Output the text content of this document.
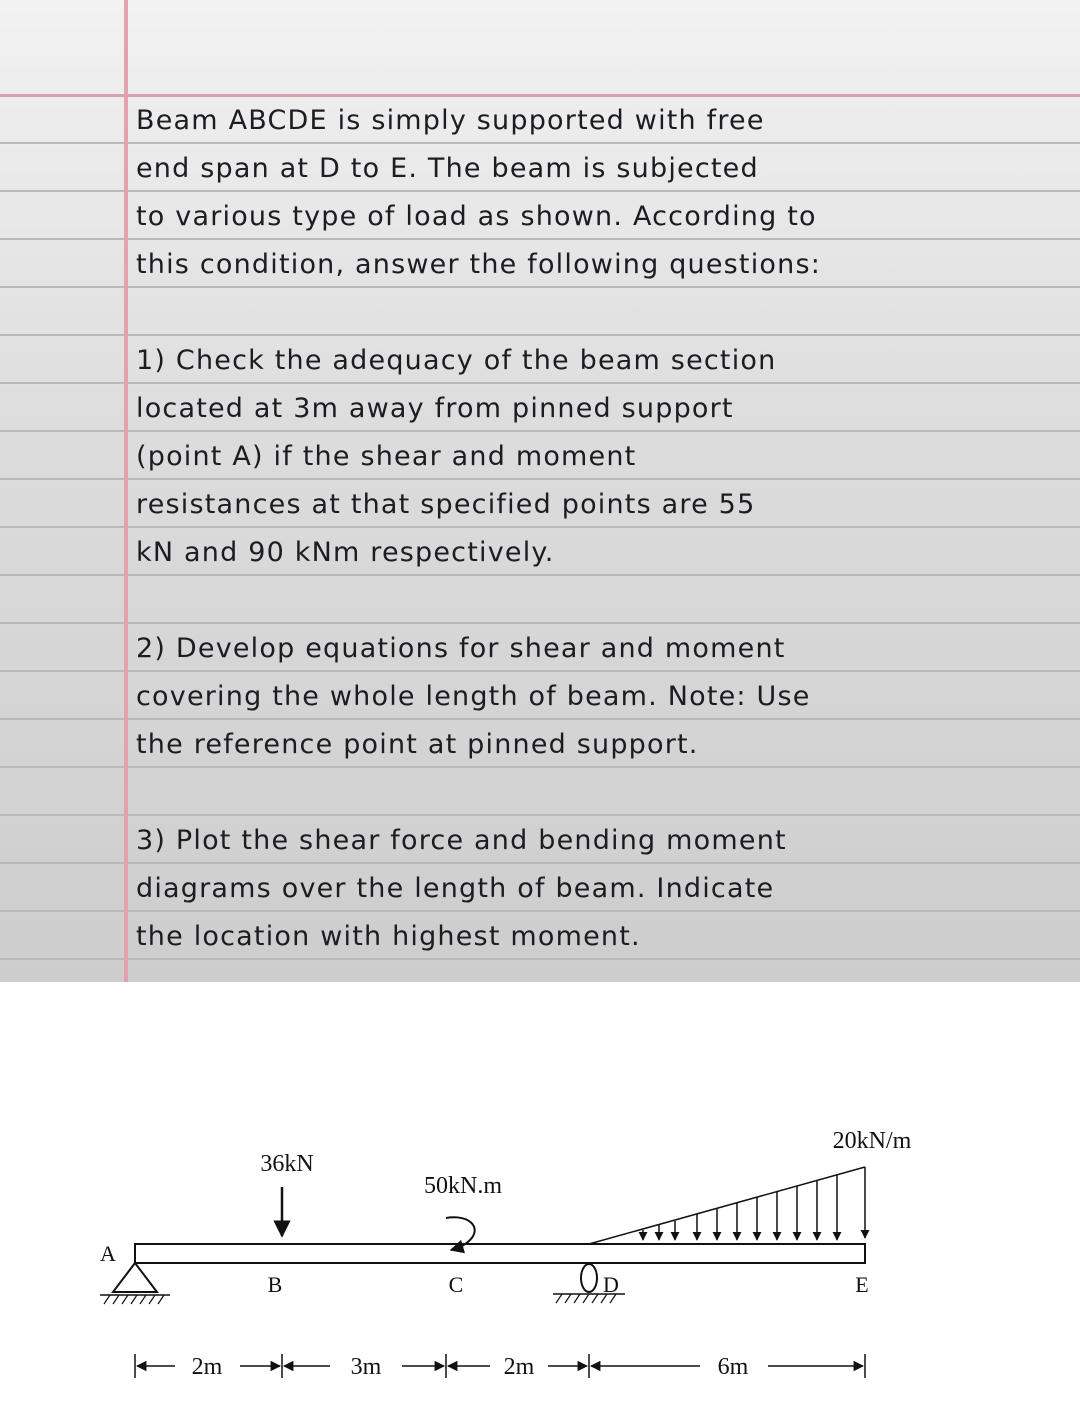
Beam ABCDE is simply supported with free
end span at D to E. The beam is subjected
to various type of load as shown. According to
this condition, answer the following questions:
1) Check the adequacy of the beam section
located at 3m away from pinned support
(point A) if the shear and moment
resistances at that specified points are 55
kN and 90 kNm respectively.
2) Develop equations for shear and moment
covering the whole length of beam. Note: Use
the reference point at pinned support.
3) Plot the shear force and bending moment
diagrams over the length of beam. Indicate
the location with highest moment.
36kN
50kN.m
20kN/m
A
B	C	D	E
2m	3m	2m	6m
